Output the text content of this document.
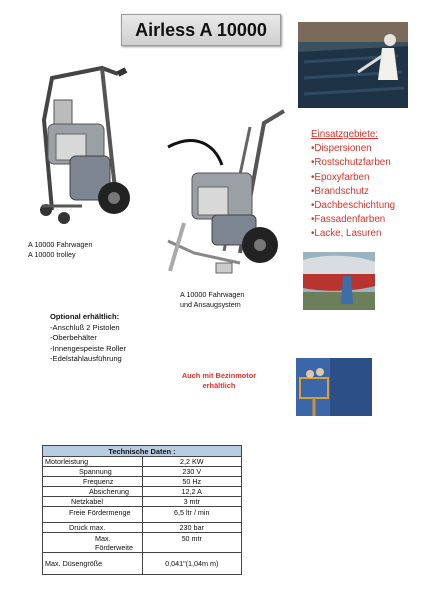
Airless A 10000
A 10000 Fahrwagen
A 10000 trolley
A 10000 Fahrwagen
und Ansaugsystem
Einsatzgebiete:
•Dispersionen
•Rostschutzfarben
•Epoxyfarben
•Brandschutz
•Dachbeschichtung
•Fassadenfarben
•Lacke, Lasuren
Optional erhältlich:
-Anschluß 2 Pistolen
-Oberbehälter
-Innengespeiste Roller
-Edelstahlausführung
Auch mit Bezinmotor
erhältlich
Technische Daten :	
Motorleistung	2,2 KW
Spannung	230 V
Frequenz	50 Hz
Absicherung	12,2 A
Netzkabel	3 mtr
Freie Fördermenge	6,5 ltr / min
Druck max.	230 bar
Max. Förderweite	50 mtr
Max. Düsengröße	0,041"(1,04m m)
